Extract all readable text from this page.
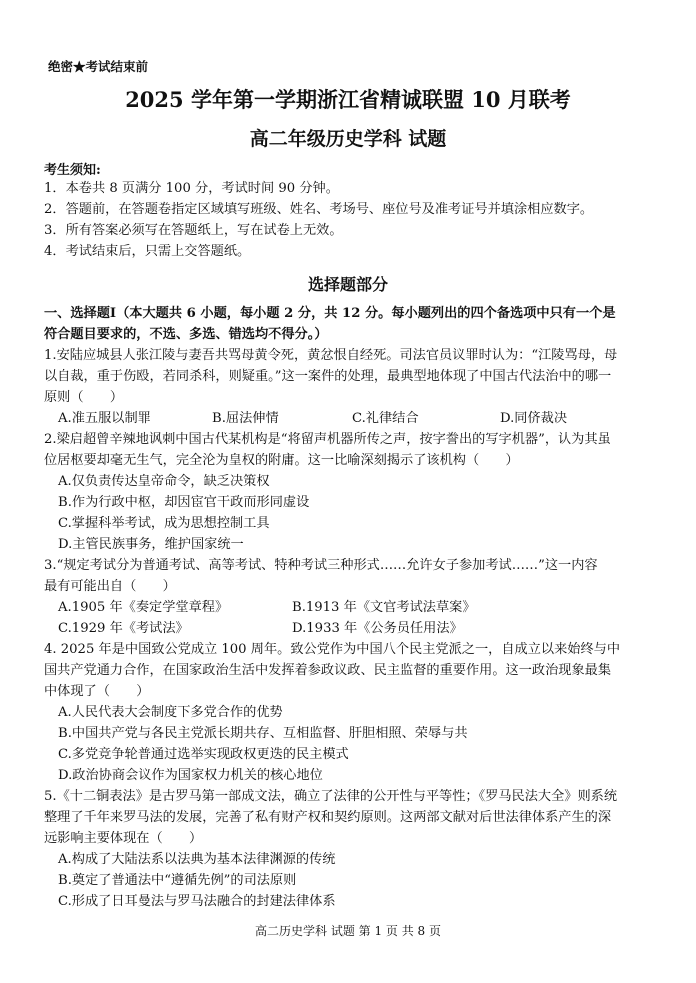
绝密★考试结束前
2025 学年第一学期浙江省精诚联盟 10 月联考
高二年级历史学科 试题
考生须知:
1．本卷共 8 页满分 100 分，考试时间 90 分钟。
2．答题前，在答题卷指定区域填写班级、姓名、考场号、座位号及准考证号并填涂相应数字。
3．所有答案必须写在答题纸上，写在试卷上无效。
4．考试结束后，只需上交答题纸。
选择题部分
一、选择题Ⅰ（本大题共 6 小题，每小题 2 分，共 12 分。每小题列出的四个备选项中只有一个是
符合题目要求的，不选、多选、错选均不得分。）
1.安陆应城县人张江陵与妻吾共骂母黄令死，黄忿恨自经死。司法官员议罪时认为：“江陵骂母，母
以自裁，重于伤殴，若同杀科，则疑重。”这一案件的处理，最典型地体现了中国古代法治中的哪一
原则（　　）
A.准五服以制罪	B.屈法伸情	C.礼律结合	D.同侪裁决
2.梁启超曾辛辣地讽刺中国古代某机构是“将留声机器所传之声，按字誊出的写字机器”，认为其虽
位居枢要却毫无生气，完全沦为皇权的附庸。这一比喻深刻揭示了该机构（　　）
A.仅负责传达皇帝命令，缺乏决策权
B.作为行政中枢，却因宦官干政而形同虚设
C.掌握科举考试，成为思想控制工具
D.主管民族事务，维护国家统一
3.“规定考试分为普通考试、高等考试、特种考试三种形式……允许女子参加考试……”这一内容
最有可能出自（　　）
A.1905 年《奏定学堂章程》	B.1913 年《文官考试法草案》
C.1929 年《考试法》	D.1933 年《公务员任用法》
4. 2025 年是中国致公党成立 100 周年。致公党作为中国八个民主党派之一，自成立以来始终与中
国共产党通力合作，在国家政治生活中发挥着参政议政、民主监督的重要作用。这一政治现象最集
中体现了（　　）
A.人民代表大会制度下多党合作的优势
B.中国共产党与各民主党派长期共存、互相监督、肝胆相照、荣辱与共
C.多党竞争轮普通过选举实现政权更迭的民主模式
D.政治协商会议作为国家权力机关的核心地位
5.《十二铜表法》是古罗马第一部成文法，确立了法律的公开性与平等性；《罗马民法大全》则系统
整理了千年来罗马法的发展，完善了私有财产权和契约原则。这两部文献对后世法律体系产生的深
远影响主要体现在（　　）
A.构成了大陆法系以法典为基本法律渊源的传统
B.奠定了普通法中“遵循先例”的司法原则
C.形成了日耳曼法与罗马法融合的封建法律体系
高二历史学科 试题 第 1 页 共 8 页
